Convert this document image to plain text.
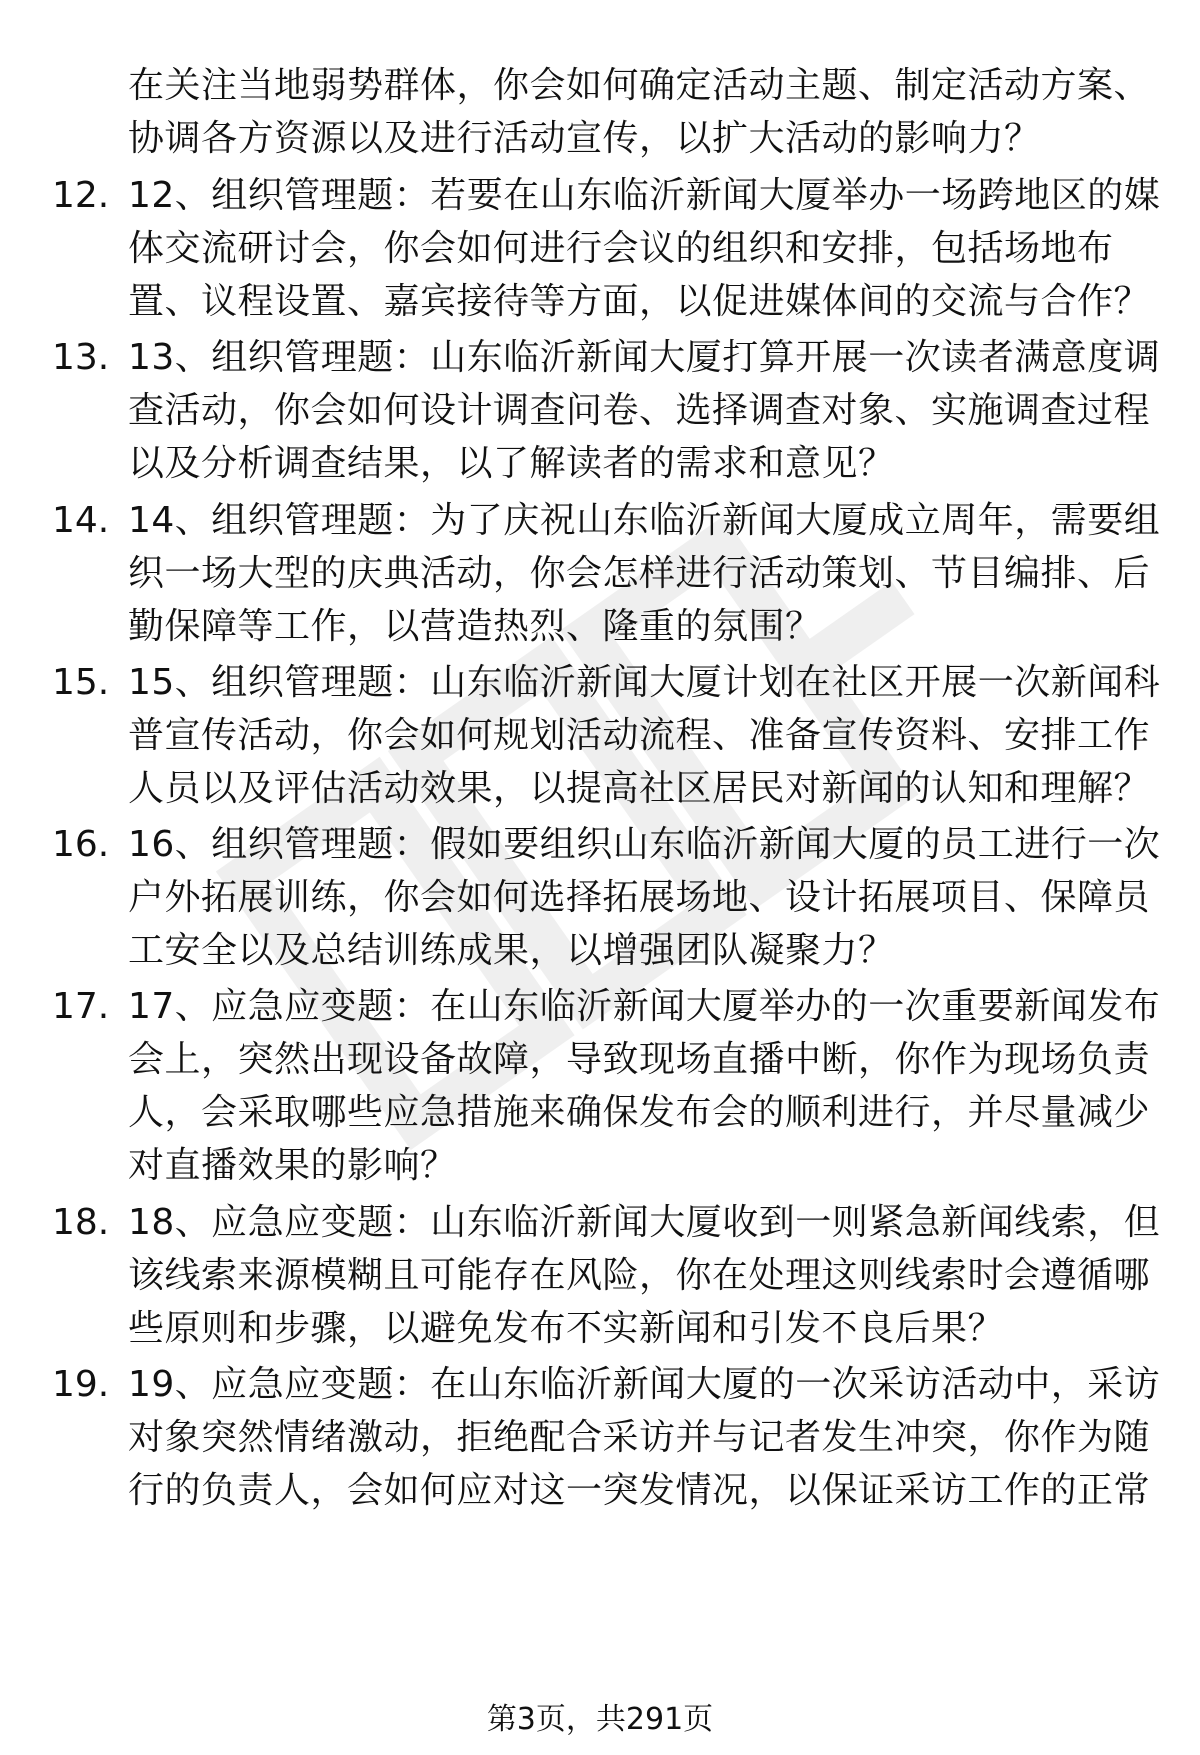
在关注当地弱势群体，你会如何确定活动主题、制定活动方案、
协调各方资源以及进行活动宣传，以扩大活动的影响力？
12. 12、组织管理题：若要在山东临沂新闻大厦举办一场跨地区的媒
体交流研讨会，你会如何进行会议的组织和安排，包括场地布
置、议程设置、嘉宾接待等方面，以促进媒体间的交流与合作？
13. 13、组织管理题：山东临沂新闻大厦打算开展一次读者满意度调
查活动，你会如何设计调查问卷、选择调查对象、实施调查过程
以及分析调查结果，以了解读者的需求和意见？
14. 14、组织管理题：为了庆祝山东临沂新闻大厦成立周年，需要组
织一场大型的庆典活动，你会怎样进行活动策划、节目编排、后
勤保障等工作，以营造热烈、隆重的氛围？
15. 15、组织管理题：山东临沂新闻大厦计划在社区开展一次新闻科
普宣传活动，你会如何规划活动流程、准备宣传资料、安排工作
人员以及评估活动效果，以提高社区居民对新闻的认知和理解？
16. 16、组织管理题：假如要组织山东临沂新闻大厦的员工进行一次
户外拓展训练，你会如何选择拓展场地、设计拓展项目、保障员
工安全以及总结训练成果，以增强团队凝聚力？
17. 17、应急应变题：在山东临沂新闻大厦举办的一次重要新闻发布
会上，突然出现设备故障，导致现场直播中断，你作为现场负责
人，会采取哪些应急措施来确保发布会的顺利进行，并尽量减少
对直播效果的影响？
18. 18、应急应变题：山东临沂新闻大厦收到一则紧急新闻线索，但
该线索来源模糊且可能存在风险，你在处理这则线索时会遵循哪
些原则和步骤，以避免发布不实新闻和引发不良后果？
19. 19、应急应变题：在山东临沂新闻大厦的一次采访活动中，采访
对象突然情绪激动，拒绝配合采访并与记者发生冲突，你作为随
行的负责人，会如何应对这一突发情况，以保证采访工作的正常
第3页，共291页
